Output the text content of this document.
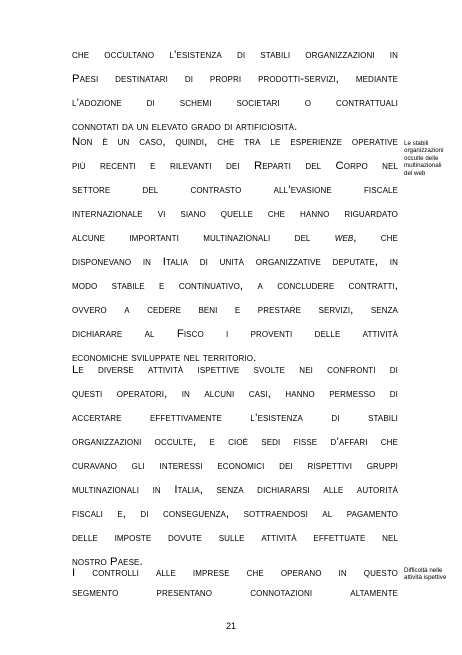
che occultano l’esistenza di stabili organizzazioni in
Paesi destinatari di propri prodotti-servizi, mediante
l’adozione di schemi societari o contrattuali
connotati da un elevato grado di artificiosità.
Non è un caso, quindi, che tra le esperienze operative
più recenti e rilevanti dei Reparti del Corpo nel
settore del contrasto all’evasione fiscale
internazionale vi siano quelle che hanno riguardato
alcune importanti multinazionali del web, che
disponevano in Italia di unità organizzative deputate, in
modo stabile e continuativo, a concludere contratti,
ovvero a cedere beni e prestare servizi, senza
dichiarare al Fisco i proventi delle attività
economiche sviluppate nel territorio.
Le diverse attività ispettive svolte nei confronti di
questi operatori, in alcuni casi, hanno permesso di
accertare effettivamente l’esistenza di stabili
organizzazioni occulte, e cioè sedi fisse d’affari che
curavano gli interessi economici dei rispettivi gruppi
multinazionali in Italia, senza dichiararsi alle autorità
fiscali e, di conseguenza, sottraendosi al pagamento
delle imposte dovute sulle attività effettuate nel
nostro Paese.
I controlli alle imprese che operano in questo
segmento presentano connotazioni altamente
Le stabili
organizzazioni
occulte delle
multinazionali
del web
Difficoltà nelle
attività ispettive
21
